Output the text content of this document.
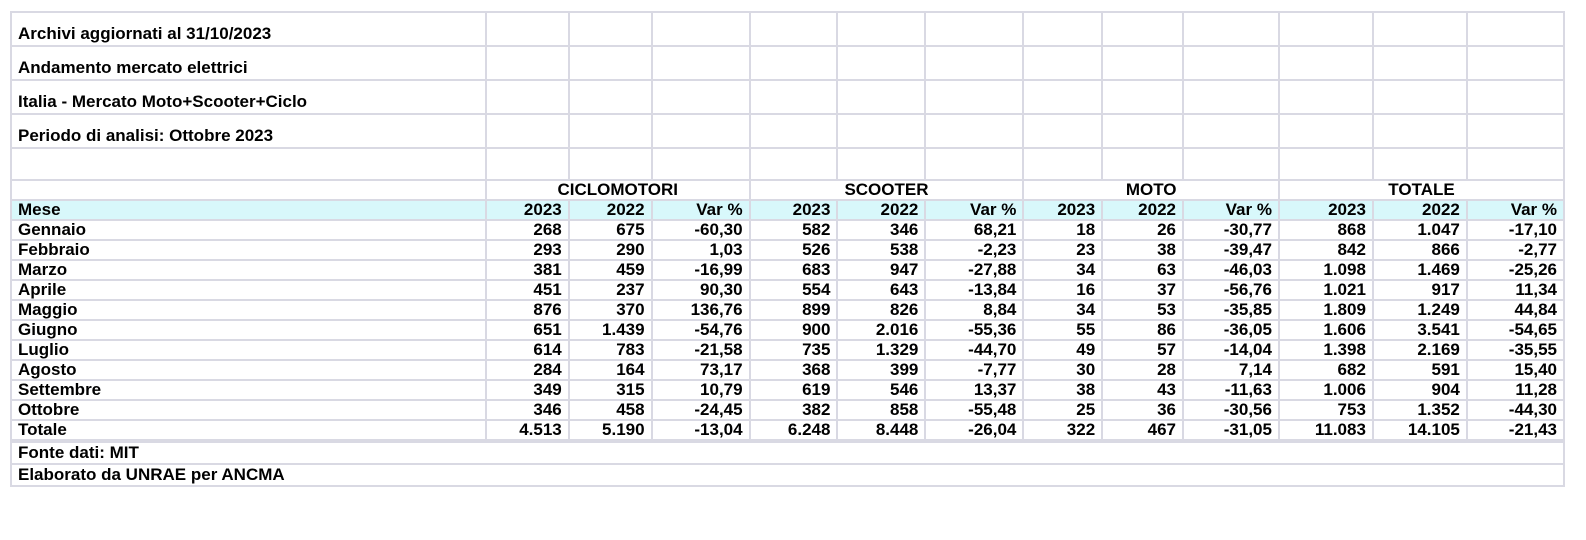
Archivi aggiornati al 31/10/2023												
Andamento mercato elettrici												
Italia - Mercato Moto+Scooter+Ciclo												
Periodo di analisi: Ottobre 2023												

	CICLOMOTORI			SCOOTER			MOTO			TOTALE		
Mese	2023	2022	Var %	2023	2022	Var %	2023	2022	Var %	2023	2022	Var %
Gennaio	268	675	-60,30	582	346	68,21	18	26	-30,77	868	1.047	-17,10
Febbraio	293	290	1,03	526	538	-2,23	23	38	-39,47	842	866	-2,77
Marzo	381	459	-16,99	683	947	-27,88	34	63	-46,03	1.098	1.469	-25,26
Aprile	451	237	90,30	554	643	-13,84	16	37	-56,76	1.021	917	11,34
Maggio	876	370	136,76	899	826	8,84	34	53	-35,85	1.809	1.249	44,84
Giugno	651	1.439	-54,76	900	2.016	-55,36	55	86	-36,05	1.606	3.541	-54,65
Luglio	614	783	-21,58	735	1.329	-44,70	49	57	-14,04	1.398	2.169	-35,55
Agosto	284	164	73,17	368	399	-7,77	30	28	7,14	682	591	15,40
Settembre	349	315	10,79	619	546	13,37	38	43	-11,63	1.006	904	11,28
Ottobre	346	458	-24,45	382	858	-55,48	25	36	-30,56	753	1.352	-44,30
Totale	4.513	5.190	-13,04	6.248	8.448	-26,04	322	467	-31,05	11.083	14.105	-21,43
Fonte dati: MIT												
Elaborato da UNRAE per ANCMA												
